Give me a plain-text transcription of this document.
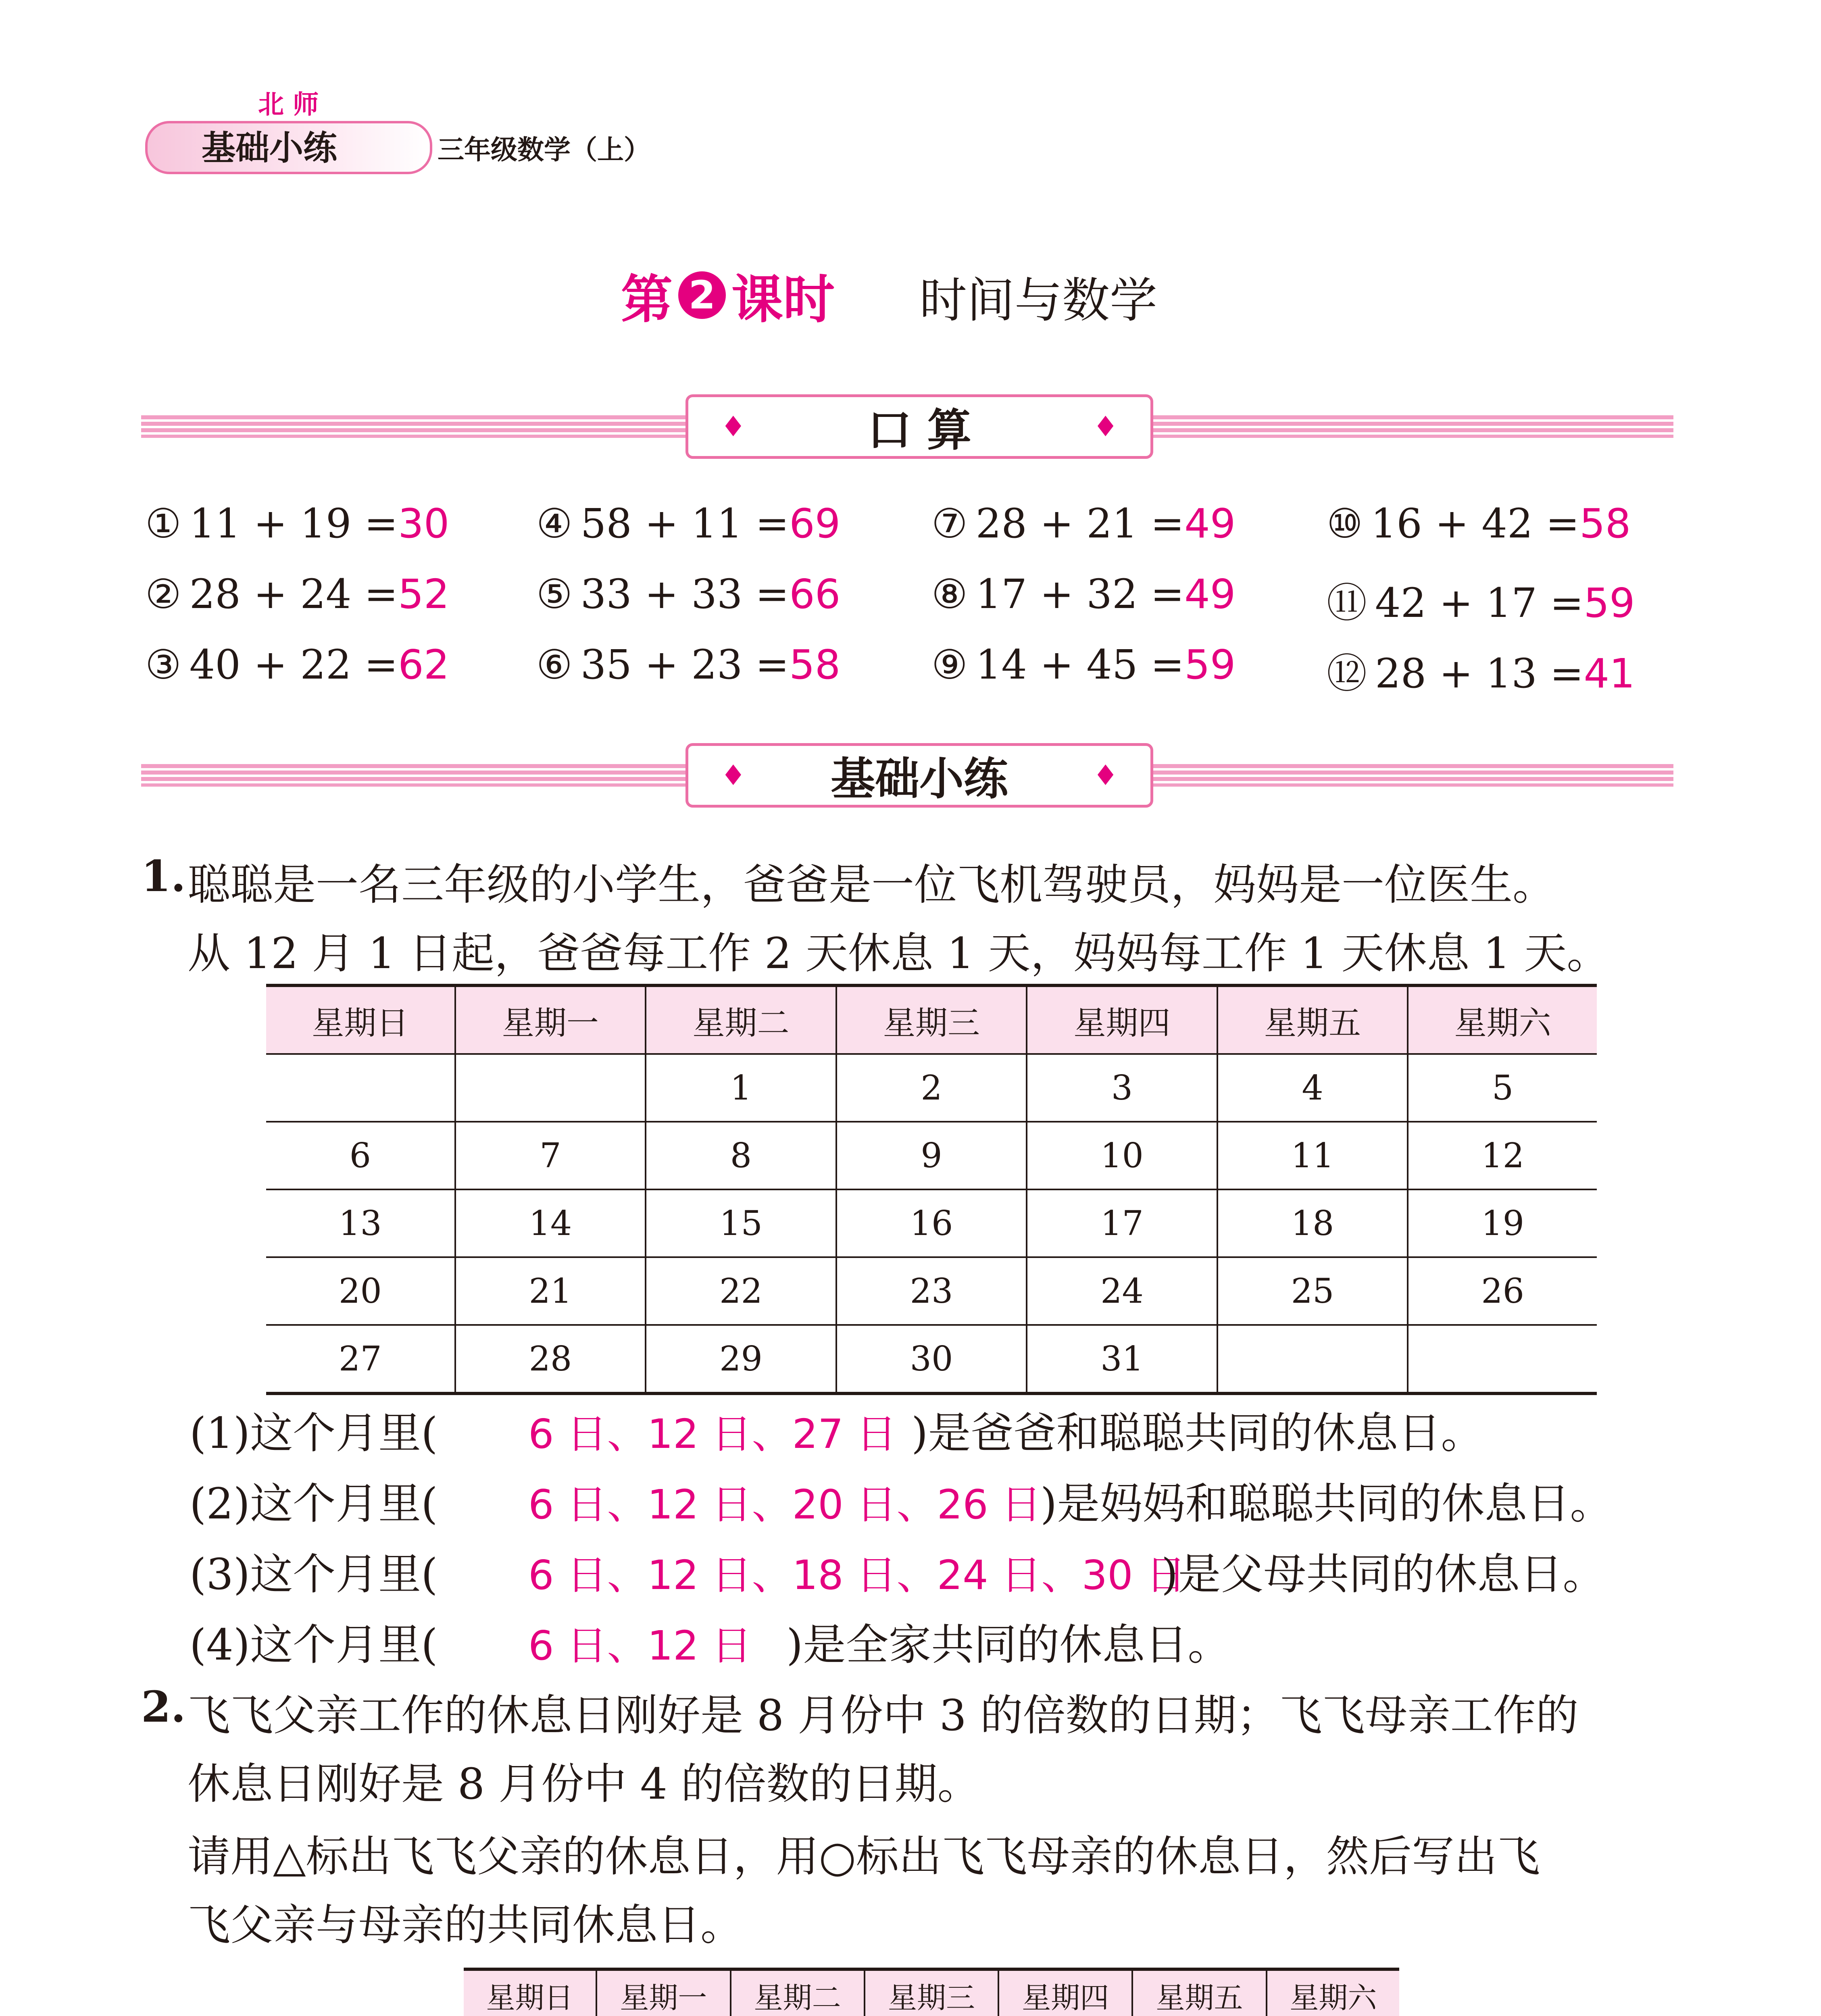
北 师
基础小练	三年级数学（上）
第 2 课时 时间与数学
♦	口 算	♦
① 11 + 19 =30
② 28 + 24 =52
③ 40 + 22 =62
④ 58 + 11 =69
⑤ 33 + 33 =66
⑥ 35 + 23 =58
⑦ 28 + 21 =49
⑧ 17 + 32 =49
⑨ 14 + 45 =59
⑩ 16 + 42 =58
⑪ 42 + 17 =59
⑫ 28 + 13 =41
♦ 基础小练	♦
1. 聪聪是一名三年级的小学生，爸爸是一位飞机驾驶员，妈妈是一位医生。
从 12 月 1 日起，爸爸每工作 2 天休息 1 天，妈妈每工作 1 天休息 1 天。
星期日	星期一	星期二	星期三	星期四	星期五	星期六
		1	2	3	4	5
6	7	8	9	10	11	12
13	14	15	16	17	18	19
20	21	22	23	24	25	26
27	28	29	30	31		
(1)这个月里( 6 日、12 日、27 日 )是爸爸和聪聪共同的休息日。
(2)这个月里( 6 日、12 日、20 日、26 日
)是妈妈和聪聪共同的休息日。
(3)这个月里( 6 日、12 日、18 日、24 日、30 日
)是父母共同的休息日。
(4)这个月里( 6 日、12 日 )是全家共同的休息日。
2. 飞飞父亲工作的休息日刚好是 8 月份中 3 的倍数的日期；飞飞母亲工作的
休息日刚好是 8 月份中 4 的倍数的日期。
请用△标出飞飞父亲的休息日，用○标出飞飞母亲的休息日，然后写出飞
飞父亲与母亲的共同休息日。
星期日	星期一	星期二	星期三	星期四	星期五	星期六
